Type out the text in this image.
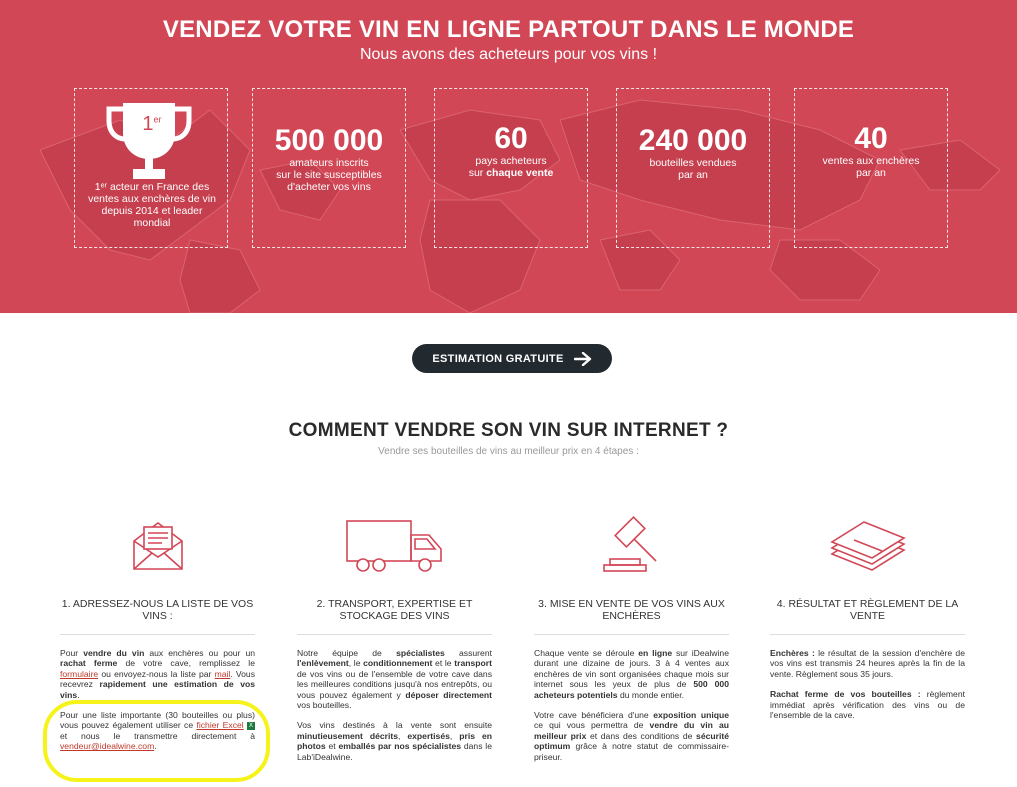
VENDEZ VOTRE VIN EN LIGNE PARTOUT DANS LE MONDE
Nous avons des acheteurs pour vos vins !
1er
1ᵉʳ acteur en France des ventes aux enchères de vin depuis 2014 et leader mondial
500 000
amateurs inscrits
sur le site susceptibles
d'acheter vos vins
60
pays acheteurs
sur chaque vente
240 000
bouteilles vendues
par an
40
ventes aux enchères
par an
ESTIMATION GRATUITE
COMMENT VENDRE SON VIN SUR INTERNET ?
Vendre ses bouteilles de vins au meilleur prix en 4 étapes :
1. ADRESSEZ-NOUS LA LISTE DE VOS VINS :

Pour vendre du vin aux enchères ou pour un rachat ferme de votre cave, remplissez le formulaire ou envoyez-nous la liste par mail. Vous recevrez rapidement une estimation de vos vins.

Pour une liste importante (30 bouteilles ou plus) vous pouvez également utiliser ce fichier Excel X et nous le transmettre directement à vendeur@idealwine.com.

2. TRANSPORT, EXPERTISE ET STOCKAGE DES VINS

Notre équipe de spécialistes assurent l'enlèvement, le conditionnement et le transport de vos vins ou de l'ensemble de votre cave dans les meilleures conditions jusqu'à nos entrepôts, ou vous pouvez également y déposer directement vos bouteilles.

Vos vins destinés à la vente sont ensuite minutieusement décrits, expertisés, pris en photos et emballés par nos spécialistes dans le Lab'iDealwine.

3. MISE EN VENTE DE VOS VINS AUX ENCHÈRES

Chaque vente se déroule en ligne sur iDealwine durant une dizaine de jours. 3 à 4 ventes aux enchères de vin sont organisées chaque mois sur internet sous les yeux de plus de 500 000 acheteurs potentiels du monde entier.

Votre cave bénéficiera d'une exposition unique ce qui vous permettra de vendre du vin au meilleur prix et dans des conditions de sécurité optimum grâce à notre statut de commissaire-priseur.

4. RÉSULTAT ET RÈGLEMENT DE LA VENTE

Enchères : le résultat de la session d'enchère de vos vins est transmis 24 heures après la fin de la vente. Règlement sous 35 jours.

Rachat ferme de vos bouteilles : règlement immédiat après vérification des vins ou de l'ensemble de la cave.
